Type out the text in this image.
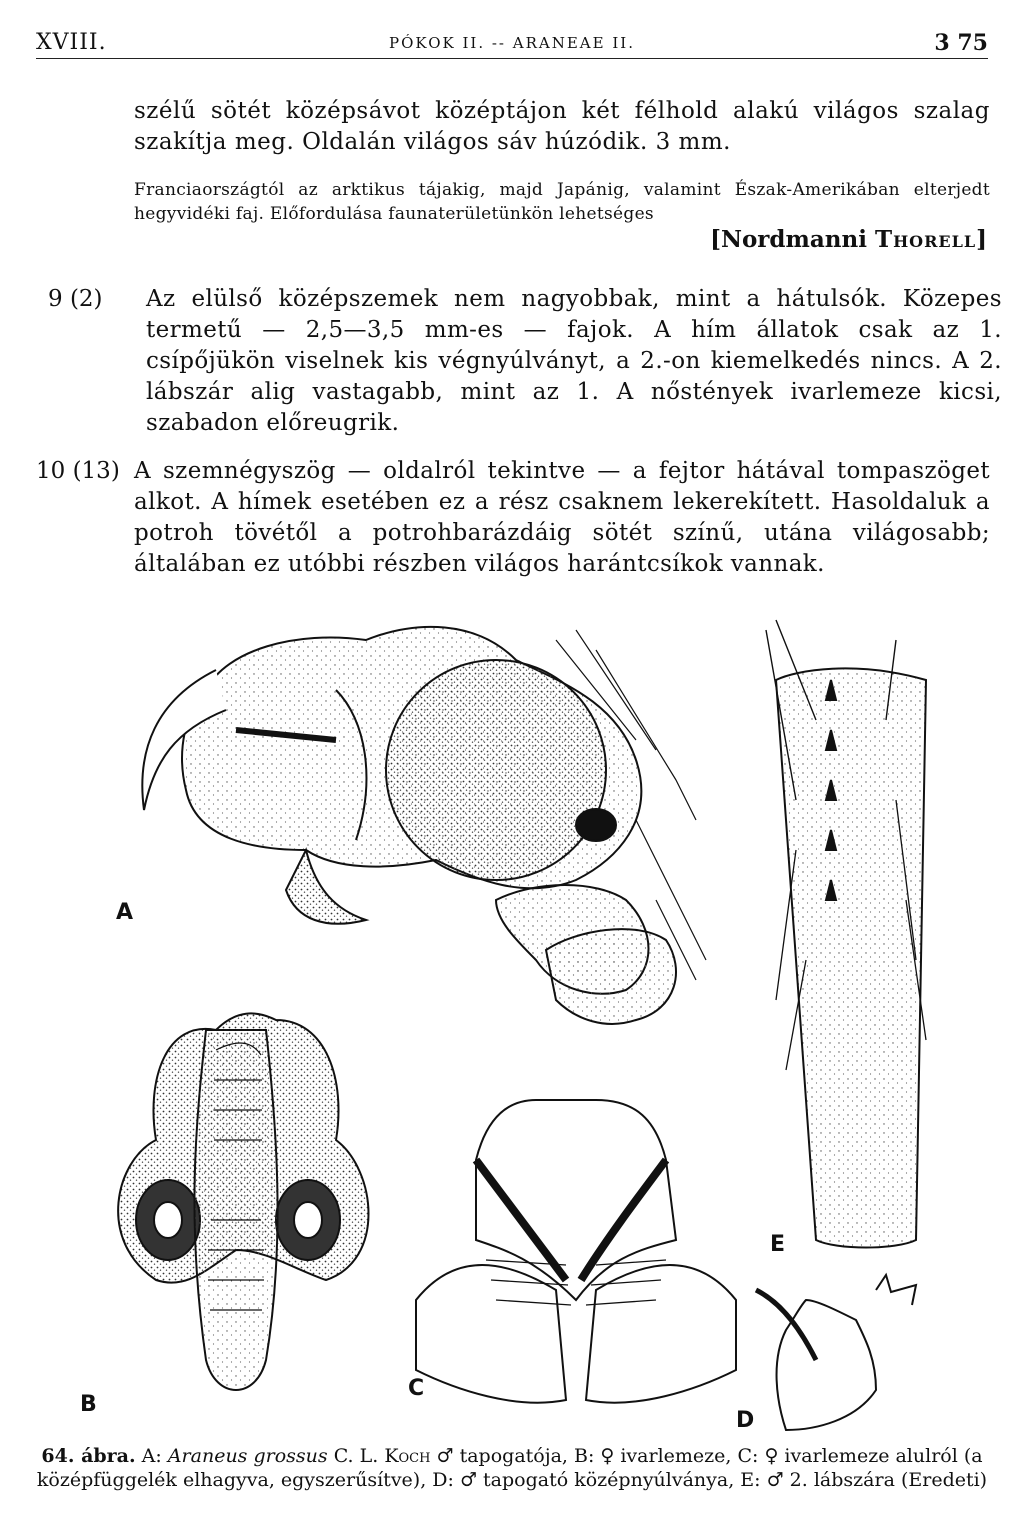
XVIII.	PÓKOK II. -- ARANEAE II.	3 75
szélű sötét középsávot középtájon két félhold alakú világos szalag szakítja meg. Oldalán világos sáv húzódik. 3 mm.
Franciaországtól az arktikus tájakig, majd Japánig, valamint Észak-Amerikában elterjedt hegyvidéki faj. Előfordulása faunaterületünkön lehetséges
[Nordmanni Thorell]
9 (2) Az elülső középszemek nem nagyobbak, mint a hátulsók. Közepes termetű — 2,5—3,5 mm-es — fajok. A hím állatok csak az 1. csípőjükön viselnek kis végnyúlványt, a 2.-on kiemelkedés nincs. A 2. lábszár alig vastagabb, mint az 1. A nőstények ivarlemeze kicsi, szabadon előreugrik.
10 (13) A szemnégyszög — oldalról tekintve — a fejtor hátával tompaszöget alkot. A hímek esetében ez a rész csaknem lekerekített. Hasoldaluk a potroh tövétől a potrohbarázdáig sötét színű, utána világosabb; általában ez utóbbi részben világos harántcsíkok vannak.
A
B
C
D
E
64. ábra. A: Araneus grossus C. L. Koch ♂ tapogatója, B: ♀ ivarlemeze, C: ♀ ivarlemeze alulról (a középfüggelék elhagyva, egyszerűsítve), D: ♂ tapogató középnyúlványa, E: ♂ 2. lábszára (Eredeti)
